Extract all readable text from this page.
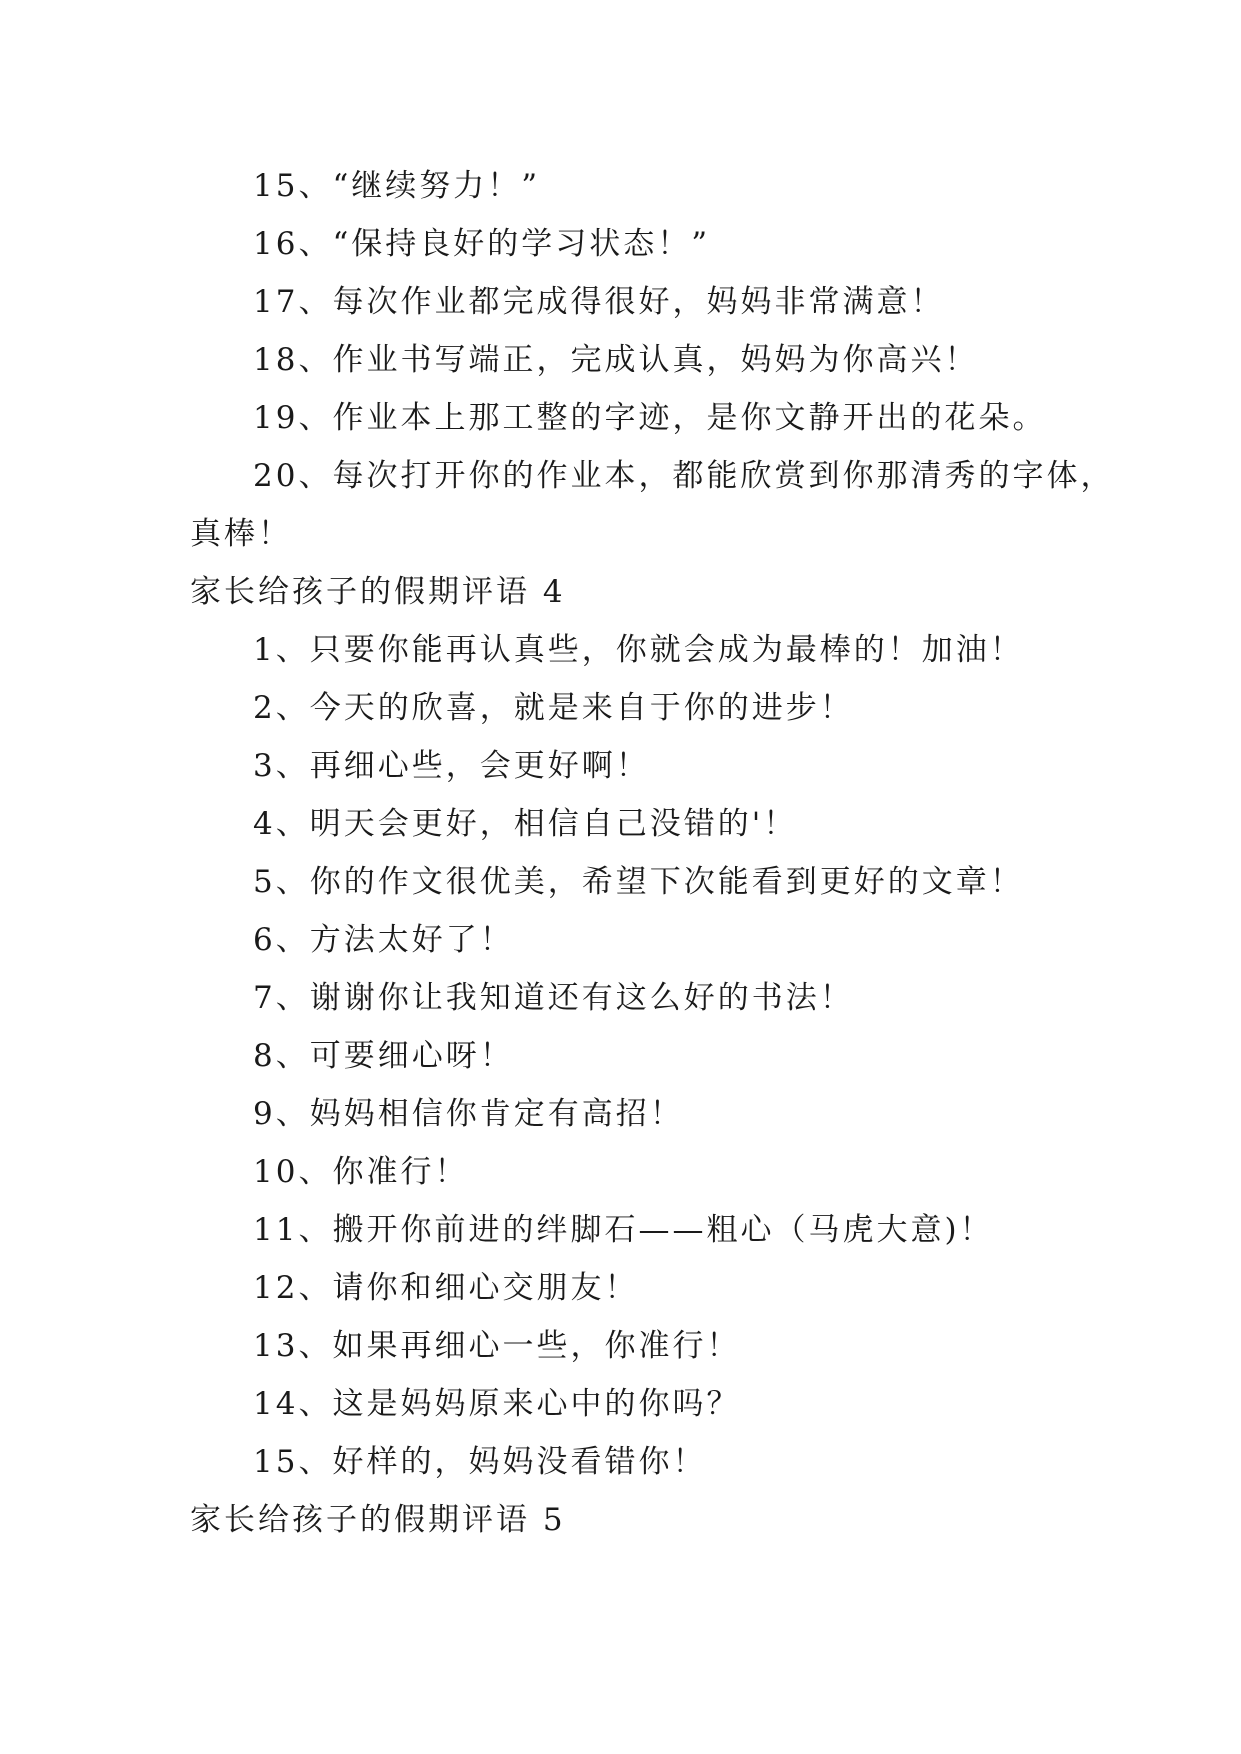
15、“继续努力！”
16、“保持良好的学习状态！”
17、每次作业都完成得很好，妈妈非常满意！
18、作业书写端正，完成认真，妈妈为你高兴！
19、作业本上那工整的字迹，是你文静开出的花朵。
20、每次打开你的作业本，都能欣赏到你那清秀的字体，
真棒！
家长给孩子的假期评语 4
1、只要你能再认真些，你就会成为最棒的！加油！
2、今天的欣喜，就是来自于你的进步！
3、再细心些，会更好啊！
4、明天会更好，相信自己没错的'！
5、你的作文很优美，希望下次能看到更好的文章！
6、方法太好了！
7、谢谢你让我知道还有这么好的书法！
8、可要细心呀！
9、妈妈相信你肯定有高招！
10、你准行！
11、搬开你前进的绊脚石——粗心（马虎大意)！
12、请你和细心交朋友！
13、如果再细心一些，你准行！
14、这是妈妈原来心中的你吗？
15、好样的，妈妈没看错你！
家长给孩子的假期评语 5
